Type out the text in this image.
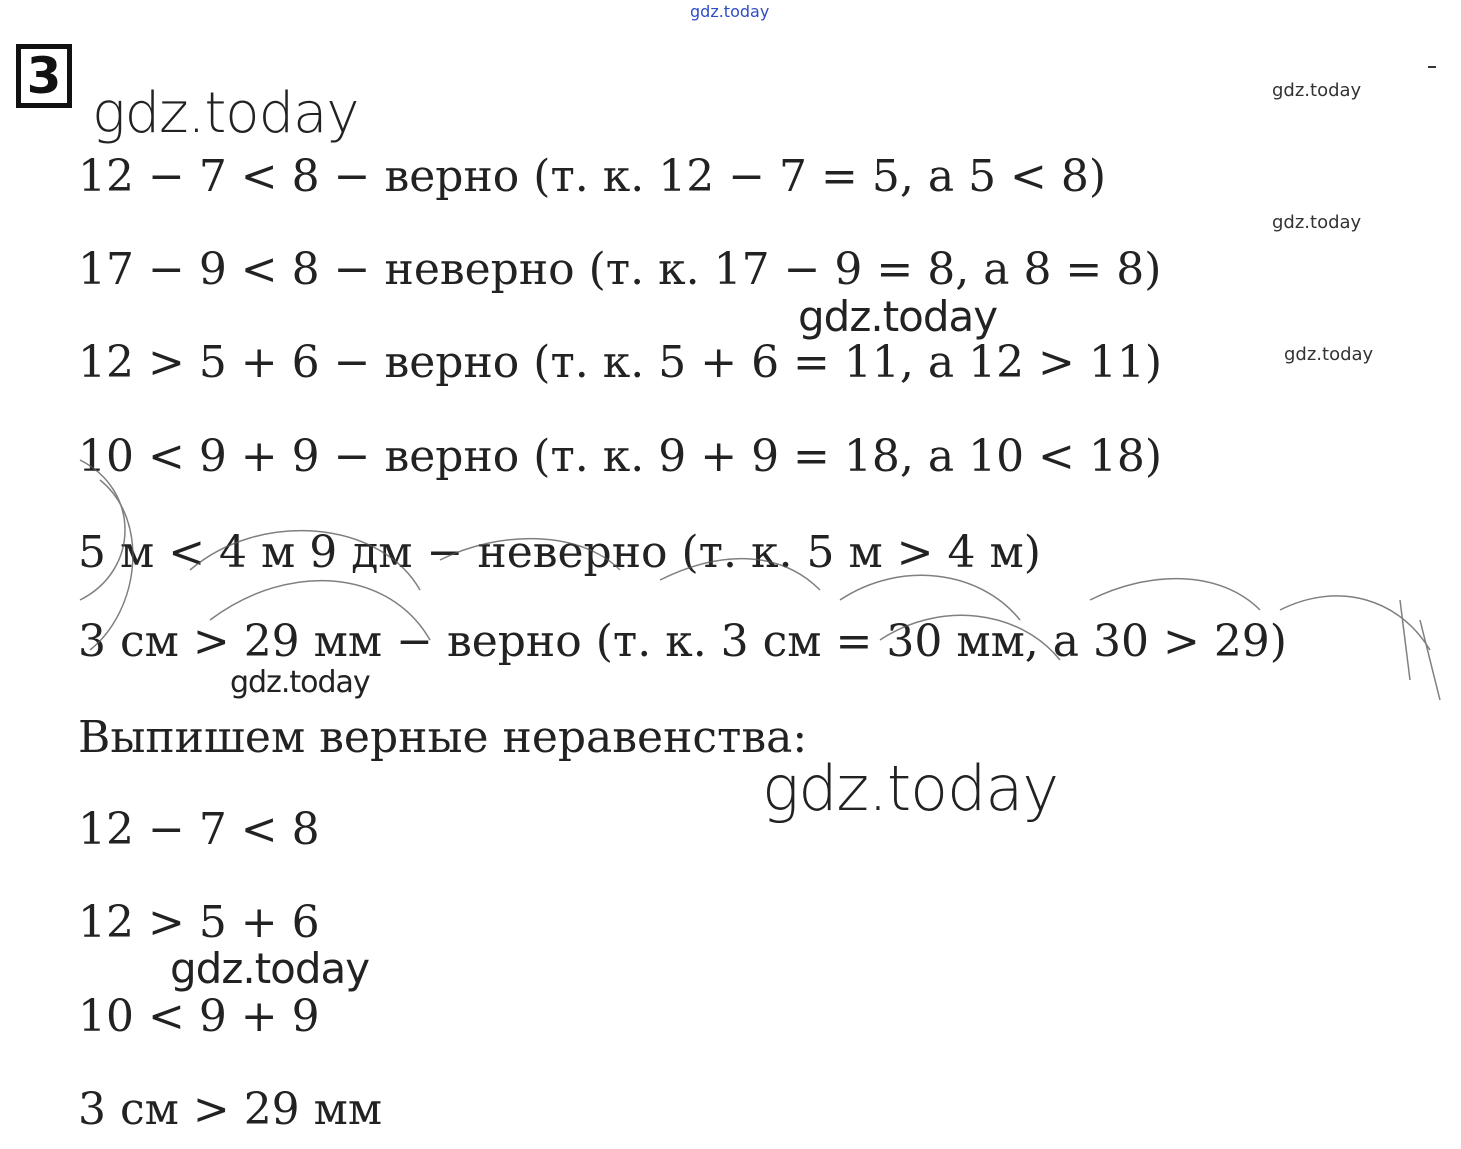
gdz.today
3
gdz.today	gdz.today
gdz.today
gdz.today
12 − 7 < 8 − верно (т. к. 12 − 7 = 5, а 5 < 8)
17 − 9 < 8 − неверно (т. к. 17 − 9 = 8, а 8 = 8)
gdz.today
12 > 5 + 6 − верно (т. к. 5 + 6 = 11, а 12 > 11)
10 < 9 + 9 − верно (т. к. 9 + 9 = 18, а 10 < 18)
5 м < 4 м 9 дм − неверно (т. к. 5 м > 4 м)
3 см > 29 мм − верно (т. к. 3 см = 30 мм, а 30 > 29)
gdz.today
Выпишем верные неравенства:
gdz.today
12 − 7 < 8
12 > 5 + 6
gdz.today
10 < 9 + 9
3 см > 29 мм
